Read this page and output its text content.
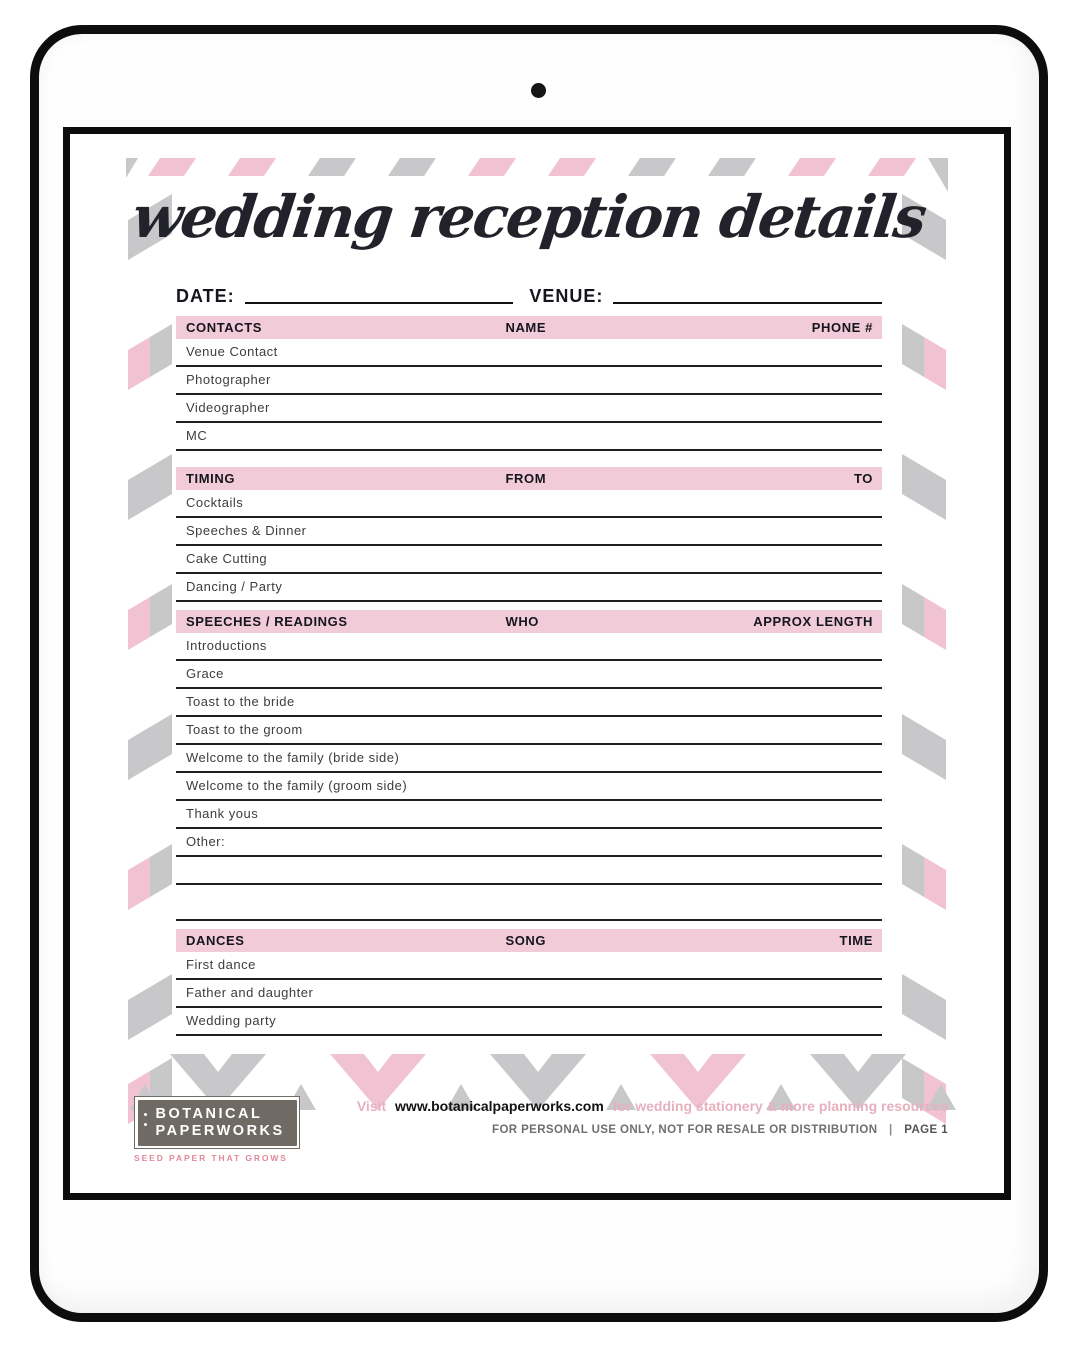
wedding reception details
DATE:	VENUE:
CONTACTS	NAME	PHONE #
Venue Contact
Photographer
Videographer
MC
TIMING	FROM	TO
Cocktails
Speeches & Dinner
Cake Cutting
Dancing / Party
SPEECHES / READINGS	WHO	APPROX LENGTH
Introductions
Grace
Toast to the bride
Toast to the groom
Welcome to the family (bride side)
Welcome to the family (groom side)
Thank yous
Other:
DANCES	SONG	TIME
First dance
Father and daughter
Wedding party
BOTANICAL
PAPERWORKS
SEED PAPER THAT GROWS
Visit www.botanicalpaperworks.com for wedding stationery & more planning resources
FOR PERSONAL USE ONLY, NOT FOR RESALE OR DISTRIBUTION | PAGE 1
